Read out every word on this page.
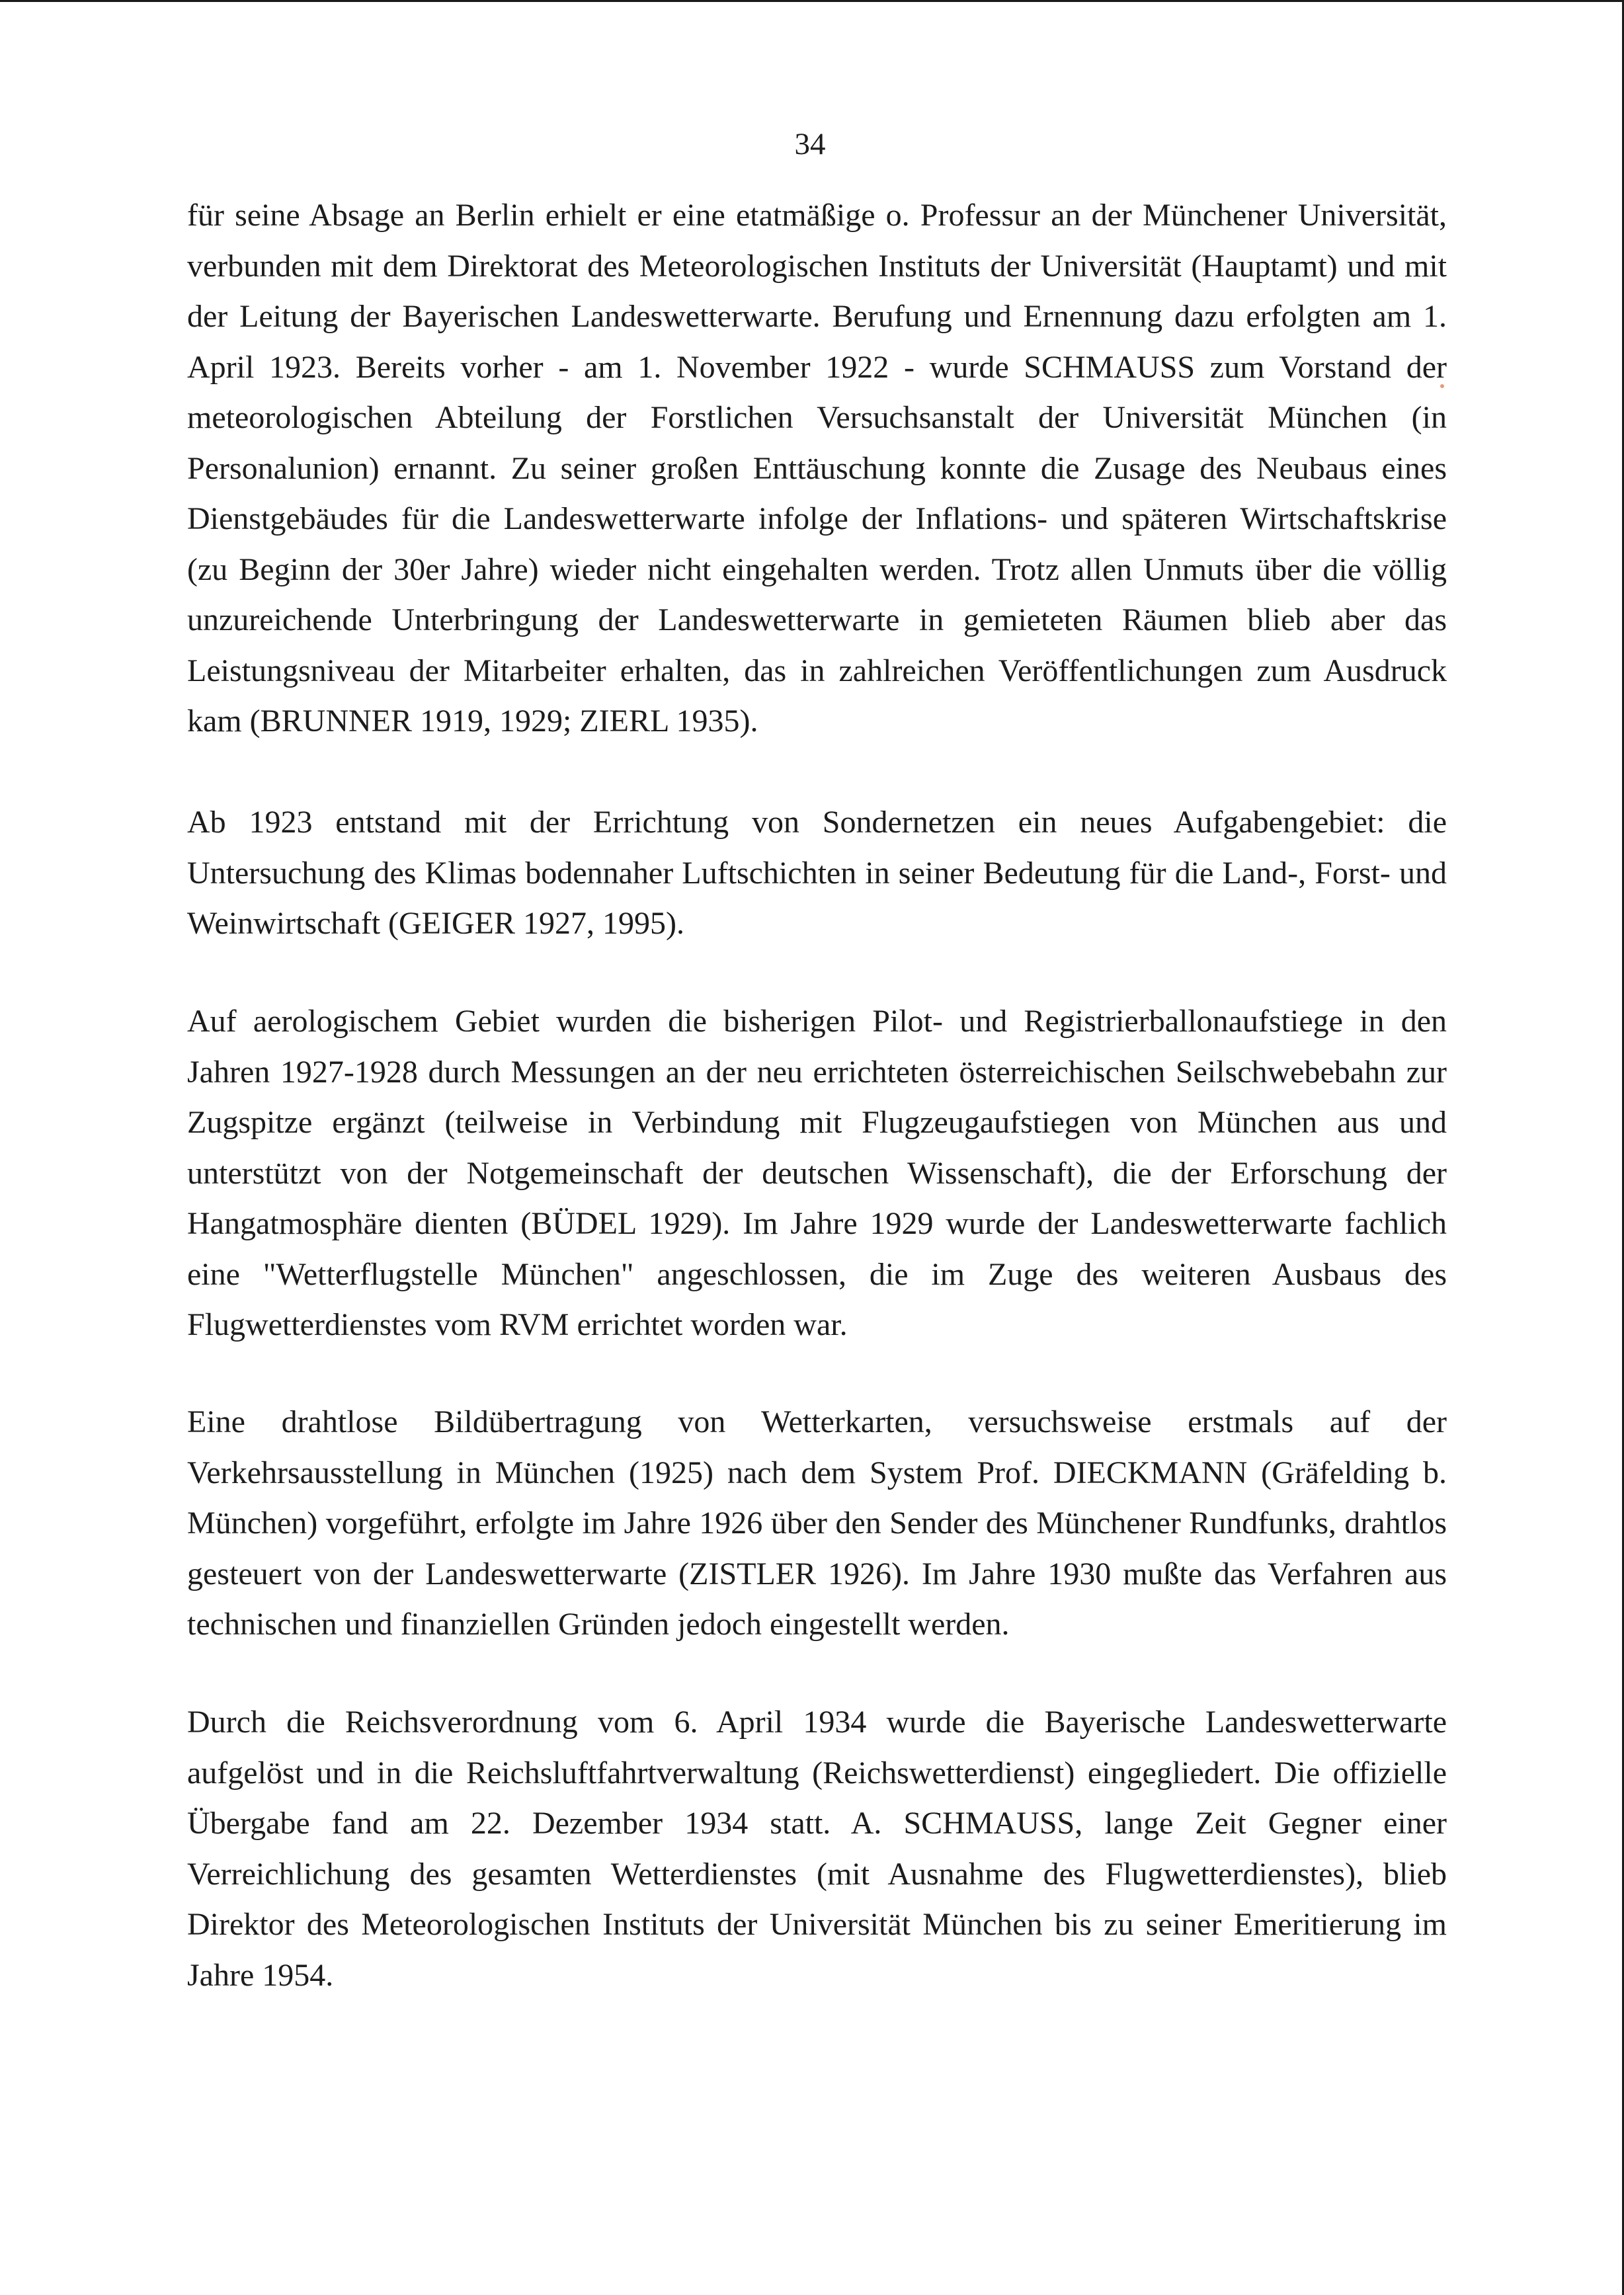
34

für seine Absage an Berlin erhielt er eine etatmäßige o. Professur an der Münchener Universität, verbunden mit dem Direktorat des Meteorologischen Instituts der Universität (Hauptamt) und mit der Leitung der Bayerischen Landeswetterwarte. Berufung und Ernennung dazu erfolgten am 1. April 1923. Bereits vorher - am 1. November 1922 - wurde SCHMAUSS zum Vorstand der meteorologischen Abteilung der Forstlichen Versuchsanstalt der Universität München (in Personalunion) ernannt. Zu seiner großen Enttäuschung konnte die Zusage des Neubaus eines Dienstgebäudes für die Landeswetterwarte infolge der Inflations- und späteren Wirtschaftskrise (zu Beginn der 30er Jahre) wieder nicht eingehalten werden. Trotz allen Unmuts über die völlig unzureichende Unterbringung der Landeswetterwarte in gemieteten Räumen blieb aber das Leistungsniveau der Mitarbeiter erhalten, das in zahlreichen Veröffentlichungen zum Ausdruck kam (BRUNNER 1919, 1929; ZIERL 1935).

Ab 1923 entstand mit der Errichtung von Sondernetzen ein neues Aufgabengebiet: die Untersuchung des Klimas bodennaher Luftschichten in seiner Bedeutung für die Land-, Forst- und Weinwirtschaft (GEIGER 1927, 1995).

Auf aerologischem Gebiet wurden die bisherigen Pilot- und Registrierballonaufstiege in den Jahren 1927-1928 durch Messungen an der neu errichteten österreichischen Seilschwebebahn zur Zugspitze ergänzt (teilweise in Verbindung mit Flugzeugaufstiegen von München aus und unterstützt von der Notgemeinschaft der deutschen Wissenschaft), die der Erforschung der Hangatmosphäre dienten (BÜDEL 1929). Im Jahre 1929 wurde der Landeswetterwarte fachlich eine "Wetterflugstelle München" angeschlossen, die im Zuge des weiteren Ausbaus des Flugwetterdienstes vom RVM errichtet worden war.

Eine drahtlose Bildübertragung von Wetterkarten, versuchsweise erstmals auf der Verkehrsausstellung in München (1925) nach dem System Prof. DIECKMANN (Gräfelding b. München) vorgeführt, erfolgte im Jahre 1926 über den Sender des Münchener Rundfunks, drahtlos gesteuert von der Landeswetterwarte (ZISTLER 1926). Im Jahre 1930 mußte das Verfahren aus technischen und finanziellen Gründen jedoch eingestellt werden.

Durch die Reichsverordnung vom 6. April 1934 wurde die Bayerische Landeswetterwarte aufgelöst und in die Reichsluftfahrtverwaltung (Reichswetterdienst) eingegliedert. Die offizielle Übergabe fand am 22. Dezember 1934 statt. A. SCHMAUSS, lange Zeit Gegner einer Verreichlichung des gesamten Wetterdienstes (mit Ausnahme des Flugwetterdienstes), blieb Direktor des Meteorologischen Instituts der Universität München bis zu seiner Emeritierung im Jahre 1954.
